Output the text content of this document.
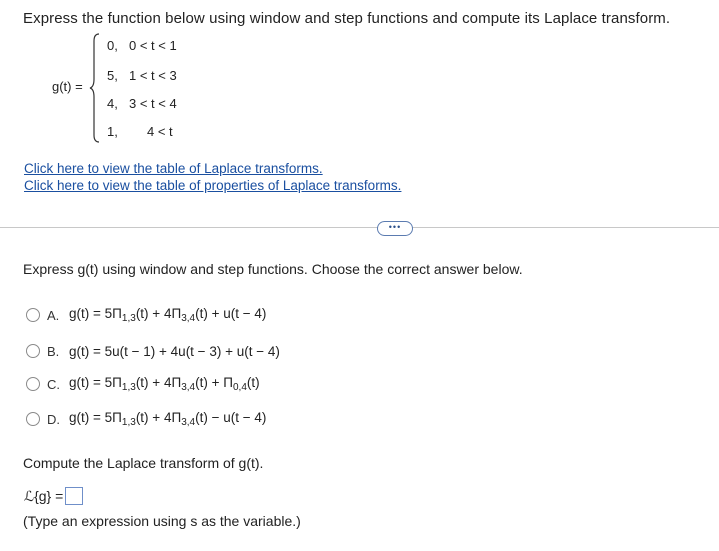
Express the function below using window and step functions and compute its Laplace transform.
g(t) =
0, 0 < t < 1
5, 1 < t < 3
4, 3 < t < 4
1, 4 < t
Click here to view the table of Laplace transforms.
Click here to view the table of properties of Laplace transforms.
•••
Express g(t) using window and step functions. Choose the correct answer below.
A. $g(t) = 5\Pi_{1,3}(t) + 4\Pi_{3,4}(t) + u(t - 4)$
B. g(t) = 5u(t − 1) + 4u(t − 3) + u(t − 4)
C. $g(t) = 5\Pi_{1,3}(t) + 4\Pi_{3,4}(t) + \Pi_{0,4}(t)$
D. $g(t) = 5\Pi_{1,3}(t) + 4\Pi_{3,4}(t) - u(t - 4)$
Compute the Laplace transform of g(t).
ℒ{g} =
(Type an expression using s as the variable.)
